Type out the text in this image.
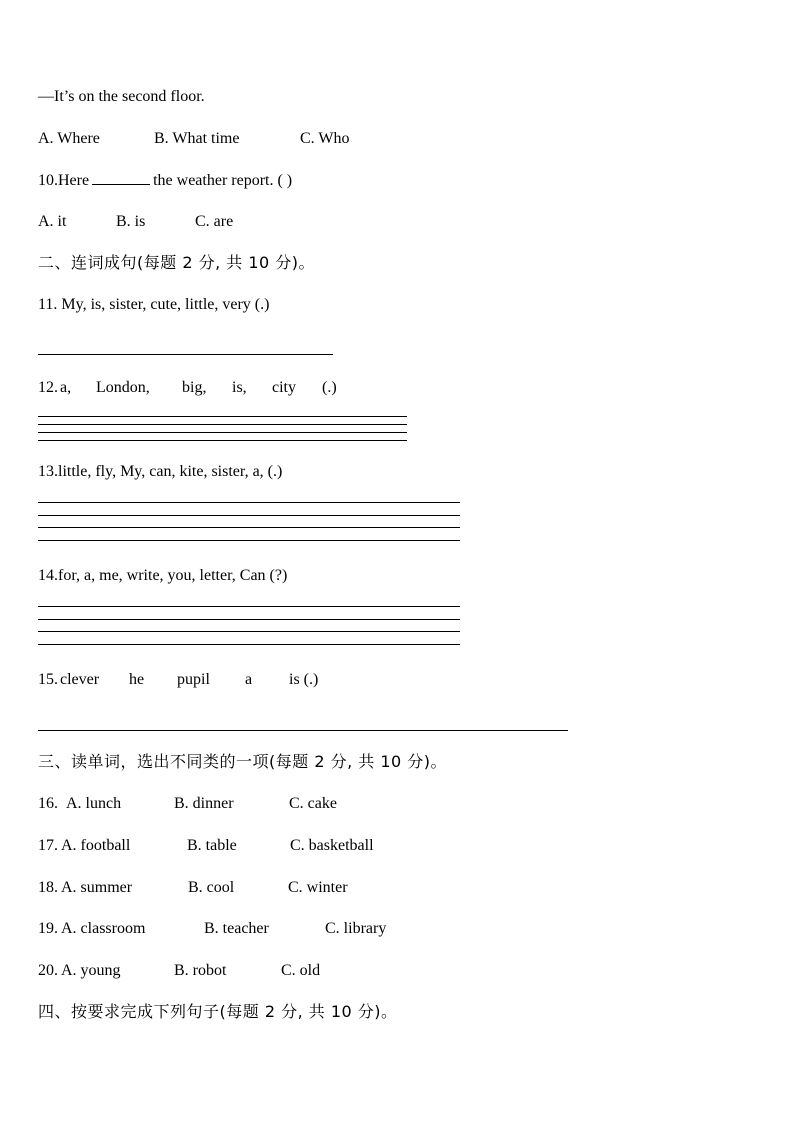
—It’s on the second floor.
A. Where	B. What time	C. Who
10.Here	the weather report. ( )
A. it	B. is	C. are
二、连词成句(每题 2 分, 共 10 分)。
11. My, is, sister, cute, little, very (.)
12. a, London, big, is, city (.)
13.little, fly, My, can, kite, sister, a, (.)
14.for, a, me, write, you, letter, Can (?)
15. clever he pupil a is (.)
三、读单词，选出不同类的一项(每题 2 分, 共 10 分)。
16. A. lunch	B. dinner	C. cake
17. A. football	B. table	C. basketball
18. A. summer	B. cool	C. winter
19. A. classroom	B. teacher	C. library
20. A. young	B. robot	C. old
四、按要求完成下列句子(每题 2 分, 共 10 分)。
